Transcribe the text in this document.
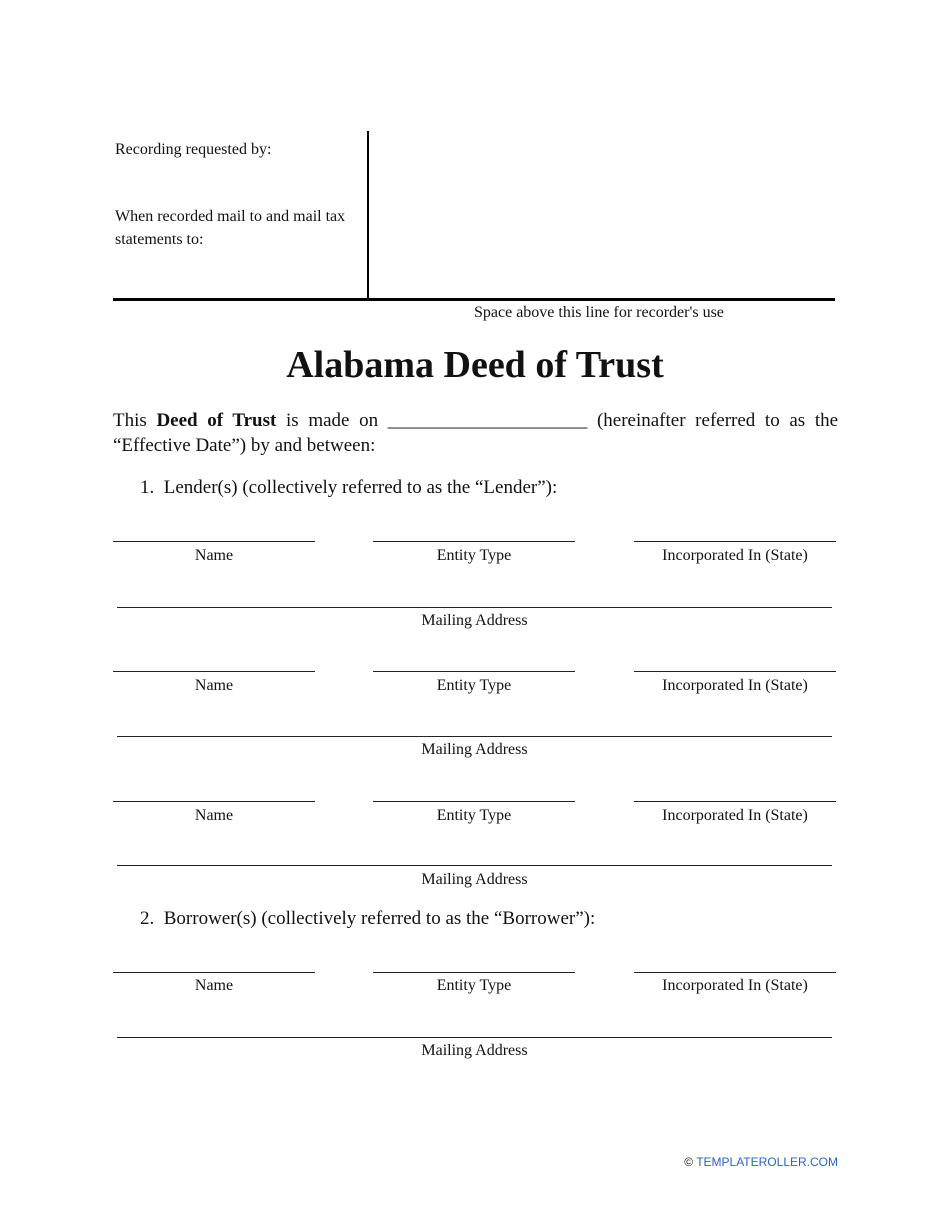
Recording requested by:
When recorded mail to and mail tax statements to:
Space above this line for recorder's use
Alabama Deed of Trust
This Deed of Trust is made on _____________________ (hereinafter referred to as the “Effective Date”) by and between:
1. Lender(s) (collectively referred to as the “Lender”):
Name	Entity Type	Incorporated In (State)
Mailing Address
Name	Entity Type	Incorporated In (State)
Mailing Address
Name	Entity Type	Incorporated In (State)
Mailing Address
2. Borrower(s) (collectively referred to as the “Borrower”):
Name	Entity Type	Incorporated In (State)
Mailing Address
© TEMPLATEROLLER.COM
